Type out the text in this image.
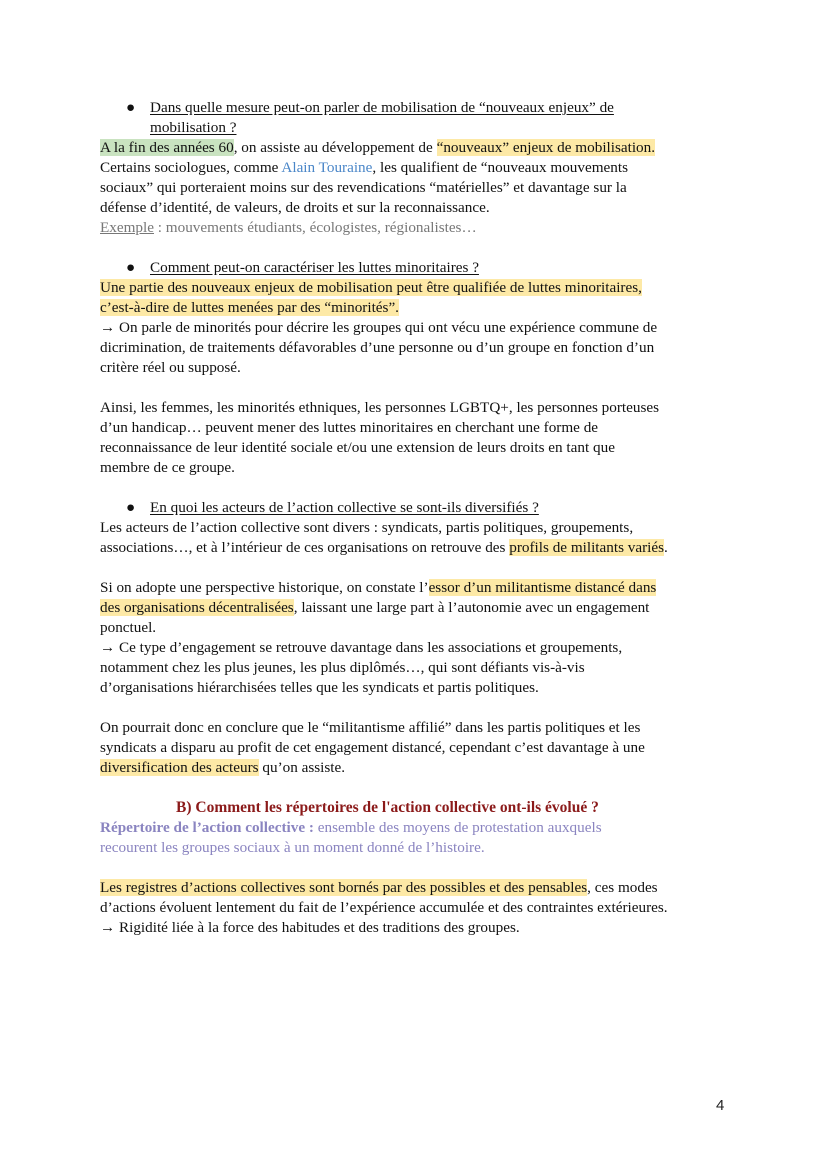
● Dans quelle mesure peut-on parler de mobilisation de “nouveaux enjeux” de
mobilisation ?
A la fin des années 60, on assiste au développement de “nouveaux” enjeux de mobilisation.
Certains sociologues, comme Alain Touraine, les qualifient de “nouveaux mouvements
sociaux” qui porteraient moins sur des revendications “matérielles” et davantage sur la
défense d’identité, de valeurs, de droits et sur la reconnaissance.
Exemple : mouvements étudiants, écologistes, régionalistes…
● Comment peut-on caractériser les luttes minoritaires ?
Une partie des nouveaux enjeux de mobilisation peut être qualifiée de luttes minoritaires,
c’est-à-dire de luttes menées par des “minorités”.
→ On parle de minorités pour décrire les groupes qui ont vécu une expérience commune de
dicrimination, de traitements défavorables d’une personne ou d’un groupe en fonction d’un
critère réel ou supposé.
Ainsi, les femmes, les minorités ethniques, les personnes LGBTQ+, les personnes porteuses
d’un handicap… peuvent mener des luttes minoritaires en cherchant une forme de
reconnaissance de leur identité sociale et/ou une extension de leurs droits en tant que
membre de ce groupe.
● En quoi les acteurs de l’action collective se sont-ils diversifiés ?
Les acteurs de l’action collective sont divers : syndicats, partis politiques, groupements,
associations…, et à l’intérieur de ces organisations on retrouve des profils de militants variés.
Si on adopte une perspective historique, on constate l’essor d’un militantisme distancé dans
des organisations décentralisées, laissant une large part à l’autonomie avec un engagement
ponctuel.
→ Ce type d’engagement se retrouve davantage dans les associations et groupements,
notamment chez les plus jeunes, les plus diplômés…, qui sont défiants vis-à-vis
d’organisations hiérarchisées telles que les syndicats et partis politiques.
On pourrait donc en conclure que le “militantisme affilié” dans les partis politiques et les
syndicats a disparu au profit de cet engagement distancé, cependant c’est davantage à une
diversification des acteurs qu’on assiste.
B) Comment les répertoires de l'action collective ont-ils évolué ?
Répertoire de l’action collective : ensemble des moyens de protestation auxquels
recourent les groupes sociaux à un moment donné de l’histoire.
Les registres d’actions collectives sont bornés par des possibles et des pensables, ces modes
d’actions évoluent lentement du fait de l’expérience accumulée et des contraintes extérieures.
→ Rigidité liée à la force des habitudes et des traditions des groupes.
4
